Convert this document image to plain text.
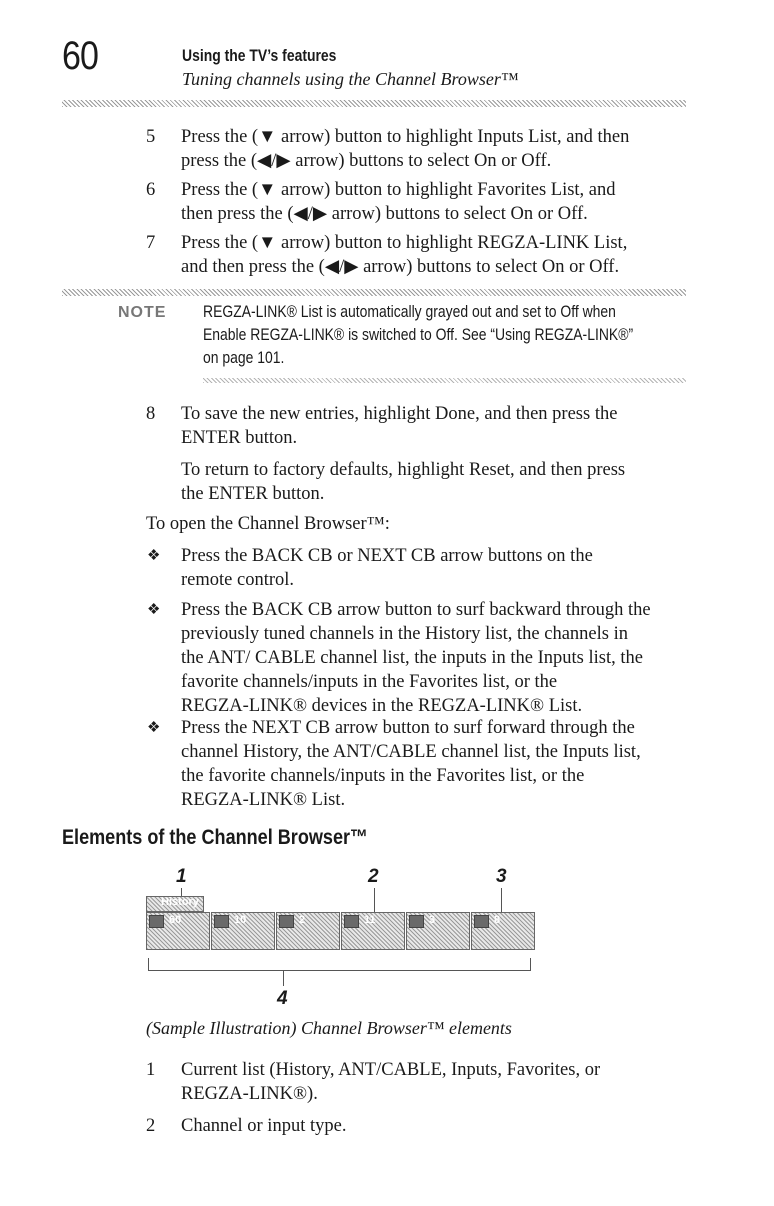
60	Using the TV’s features
Tuning channels using the Channel Browser™
5 Press the (▼ arrow) button to highlight Inputs List, and then
press the (◀/▶ arrow) buttons to select On or Off.
6 Press the (▼ arrow) button to highlight Favorites List, and
then press the (◀/▶ arrow) buttons to select On or Off.
7 Press the (▼ arrow) button to highlight REGZA-LINK List,
and then press the (◀/▶ arrow) buttons to select On or Off.
NOTE REGZA-LINK® List is automatically grayed out and set to Off when
Enable REGZA-LINK® is switched to Off. See “Using REGZA-LINK®”
on page 101.
8 To save the new entries, highlight Done, and then press the
ENTER button.
To return to factory defaults, highlight Reset, and then press
the ENTER button.
To open the Channel Browser™:
❖ Press the BACK CB or NEXT CB arrow buttons on the
remote control.
❖ Press the BACK CB arrow button to surf backward through the
previously tuned channels in the History list, the channels in
the ANT/ CABLE channel list, the inputs in the Inputs list, the
favorite channels/inputs in the Favorites list, or the
REGZA-LINK® devices in the REGZA-LINK® List.
❖ Press the NEXT CB arrow button to surf forward through the
channel History, the ANT/CABLE channel list, the Inputs list,
the favorite channels/inputs in the Favorites list, or the
REGZA-LINK® List.
Elements of the Channel Browser™
1	2	3
History
60	10	2	11	3	8
4
(Sample Illustration) Channel Browser™ elements
1 Current list (History, ANT/CABLE, Inputs, Favorites, or
REGZA-LINK®).
2 Channel or input type.
